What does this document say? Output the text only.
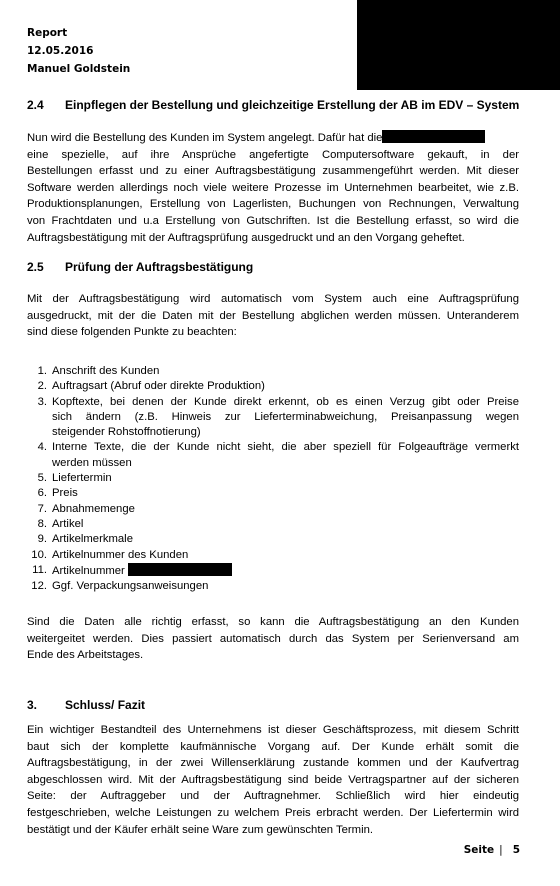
Report
12.05.2016
Manuel Goldstein
2.4 Einpflegen der Bestellung und gleichzeitige Erstellung der AB im EDV – System
Nun wird die Bestellung des Kunden im System angelegt. Dafür hat die
eine spezielle, auf ihre Ansprüche angefertigte Computersoftware gekauft, in der
Bestellungen erfasst und zu einer Auftragsbestätigung zusammengeführt werden. Mit dieser
Software werden allerdings noch viele weitere Prozesse im Unternehmen bearbeitet, wie z.B.
Produktionsplanungen, Erstellung von Lagerlisten, Buchungen von Rechnungen, Verwaltung
von Frachtdaten und u.a Erstellung von Gutschriften. Ist die Bestellung erfasst, so wird die
Auftragsbestätigung mit der Auftragsprüfung ausgedruckt und an den Vorgang geheftet.
2.5 Prüfung der Auftragsbestätigung
Mit der Auftragsbestätigung wird automatisch vom System auch eine Auftragsprüfung
ausgedruckt, mit der die Daten mit der Bestellung abglichen werden müssen. Unteranderem
sind diese folgenden Punkte zu beachten:
1. Anschrift des Kunden
2. Auftragsart (Abruf oder direkte Produktion)
3. Kopftexte, bei denen der Kunde direkt erkennt, ob es einen Verzug gibt oder Preise
sich ändern (z.B. Hinweis zur Lieferterminabweichung, Preisanpassung wegen
steigender Rohstoffnotierung)
4. Interne Texte, die der Kunde nicht sieht, die aber speziell für Folgeaufträge vermerkt
werden müssen
5. Liefertermin
6. Preis
7. Abnahmemenge
8. Artikel
9. Artikelmerkmale
10. Artikelnummer des Kunden
11. Artikelnummer
12. Ggf. Verpackungsanweisungen
Sind die Daten alle richtig erfasst, so kann die Auftragsbestätigung an den Kunden
weitergeitet werden. Dies passiert automatisch durch das System per Serienversand am
Ende des Arbeitstages.
3. Schluss/ Fazit
Ein wichtiger Bestandteil des Unternehmens ist dieser Geschäftsprozess, mit diesem Schritt
baut sich der komplette kaufmännische Vorgang auf. Der Kunde erhält somit die
Auftragsbestätigung, in der zwei Willenserklärung zustande kommen und der Kaufvertrag
abgeschlossen wird. Mit der Auftragsbestätigung sind beide Vertragspartner auf der sicheren
Seite: der Auftraggeber und der Auftragnehmer. Schließlich wird hier eindeutig
festgeschrieben, welche Leistungen zu welchem Preis erbracht werden. Der Liefertermin wird
bestätigt und der Käufer erhält seine Ware zum gewünschten Termin.
Seite | 5
